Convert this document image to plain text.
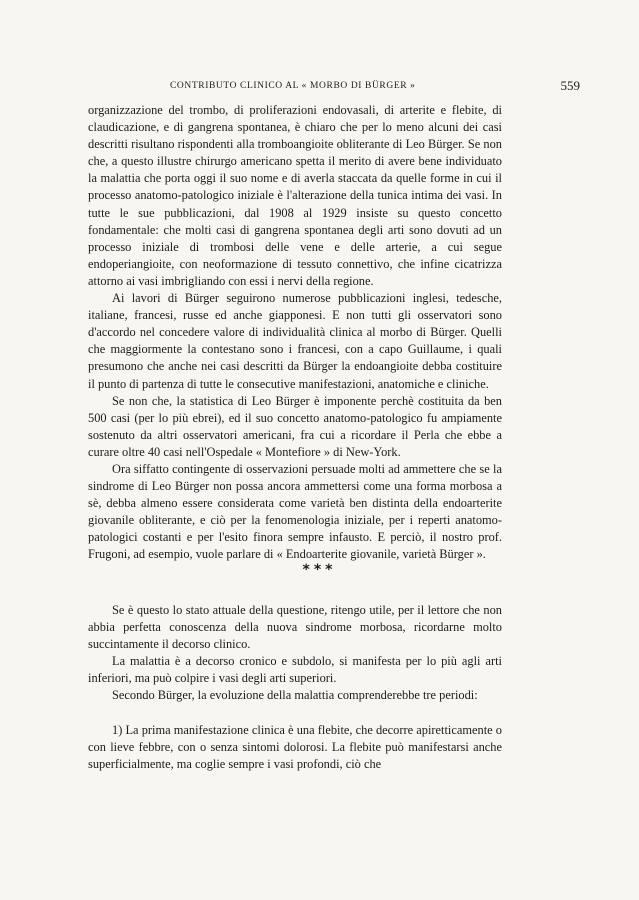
CONTRIBUTO CLINICO AL « MORBO DI BÜRGER »	559

organizzazione del trombo, di proliferazioni endovasali, di arterite e flebite, di claudicazione, e di gangrena spontanea, è chiaro che per lo meno alcuni dei casi descritti risultano rispondenti alla tromboangioite obliterante di Leo Bürger. Se non che, a questo illustre chirurgo americano spetta il merito di avere bene individuato la malattia che porta oggi il suo nome e di averla staccata da quelle forme in cui il processo anatomo-patologico iniziale è l'alterazione della tunica intima dei vasi. In tutte le sue pubblicazioni, dal 1908 al 1929 insiste su questo concetto fondamentale: che molti casi di gangrena spontanea degli arti sono dovuti ad un processo iniziale di trombosi delle vene e delle arterie, a cui segue endoperiangioite, con neoformazione di tessuto connettivo, che infine cicatrizza attorno ai vasi imbrigliando con essi i nervi della regione.

Ai lavori di Bürger seguirono numerose pubblicazioni inglesi, tedesche, italiane, francesi, russe ed anche giapponesi. E non tutti gli osservatori sono d'accordo nel concedere valore di individualità clinica al morbo di Bürger. Quelli che maggiormente la contestano sono i francesi, con a capo Guillaume, i quali presumono che anche nei casi descritti da Bürger la endoangioite debba costituire il punto di partenza di tutte le consecutive manifestazioni, anatomiche e cliniche.

Se non che, la statistica di Leo Bürger è imponente perchè costituita da ben 500 casi (per lo più ebrei), ed il suo concetto anatomo-patologico fu ampiamente sostenuto da altri osservatori americani, fra cui a ricordare il Perla che ebbe a curare oltre 40 casi nell'Ospedale « Montefiore » di New-York.

Ora siffatto contingente di osservazioni persuade molti ad ammettere che se la sindrome di Leo Bürger non possa ancora ammettersi come una forma morbosa a sè, debba almeno essere considerata come varietà ben distinta della endoarterite giovanile obliterante, e ciò per la fenomenologia iniziale, per i reperti anatomo-patologici costanti e per l'esito finora sempre infausto. E perciò, il nostro prof. Frugoni, ad esempio, vuole parlare di « Endoarterite giovanile, varietà Bürger ».

***

Se è questo lo stato attuale della questione, ritengo utile, per il lettore che non abbia perfetta conoscenza della nuova sindrome morbosa, ricordarne molto succintamente il decorso clinico.

La malattia è a decorso cronico e subdolo, si manifesta per lo più agli arti inferiori, ma può colpire i vasi degli arti superiori.

Secondo Bürger, la evoluzione della malattia comprenderebbe tre periodi:

1) La prima manifestazione clinica è una flebite, che decorre apiretticamente o con lieve febbre, con o senza sintomi dolorosi. La flebite può manifestarsi anche superficialmente, ma coglie sempre i vasi profondi, ciò che
